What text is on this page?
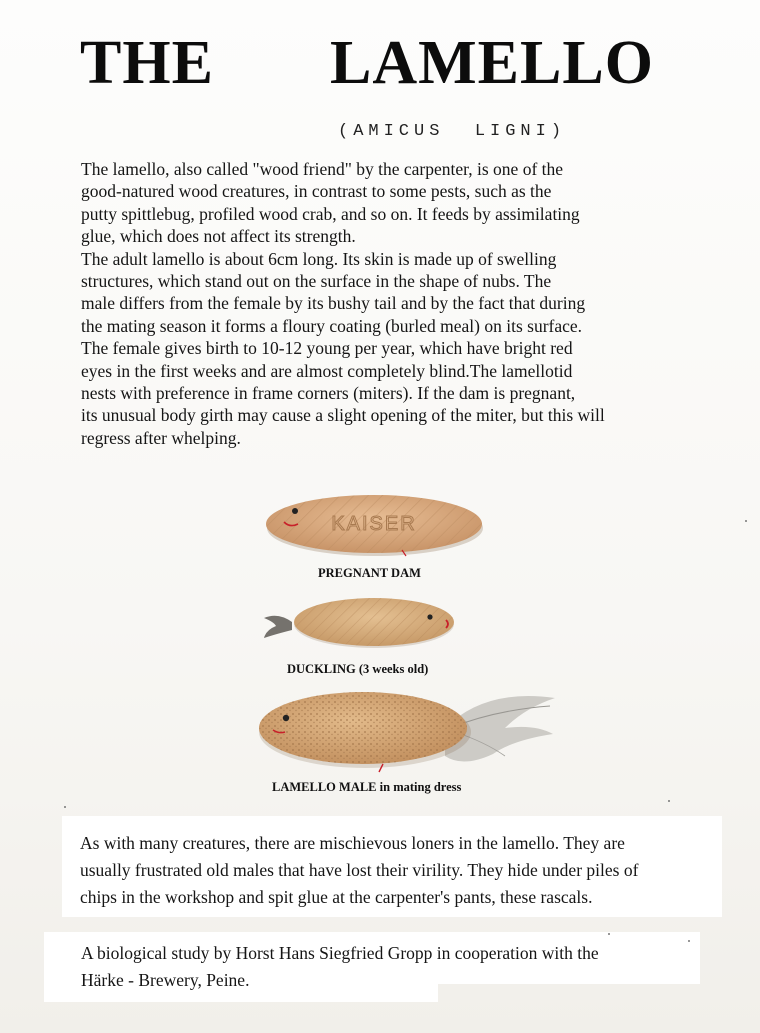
THE LAMELLO
(AMICUS  LIGNI)
The lamello, also called "wood friend" by the carpenter, is one of the
good-natured wood creatures, in contrast to some pests, such as the
putty spittlebug, profiled wood crab, and so on. It feeds by assimilating
glue, which does not affect its strength.
The adult lamello is about 6cm long. Its skin is made up of swelling
structures, which stand out on the surface in the shape of nubs. The
male differs from the female by its bushy tail and by the fact that during
the mating season it forms a floury coating (burled meal) on its surface.
The female gives birth to 10-12 young per year, which have bright red
eyes in the first weeks and are almost completely blind.The lamellotid
nests with preference in frame corners (miters). If the dam is pregnant,
its unusual body girth may cause a slight opening of the miter, but this will
regress after whelping.
KAISER
PREGNANT DAM
DUCKLING (3 weeks old)
LAMELLO MALE in mating dress
As with many creatures, there are mischievous loners in the lamello. They are
usually frustrated old males that have lost their virility. They hide under piles of
chips in the workshop and spit glue at the carpenter's pants, these rascals.
A biological study by Horst Hans Siegfried Gropp in cooperation with the
Härke - Brewery, Peine.
